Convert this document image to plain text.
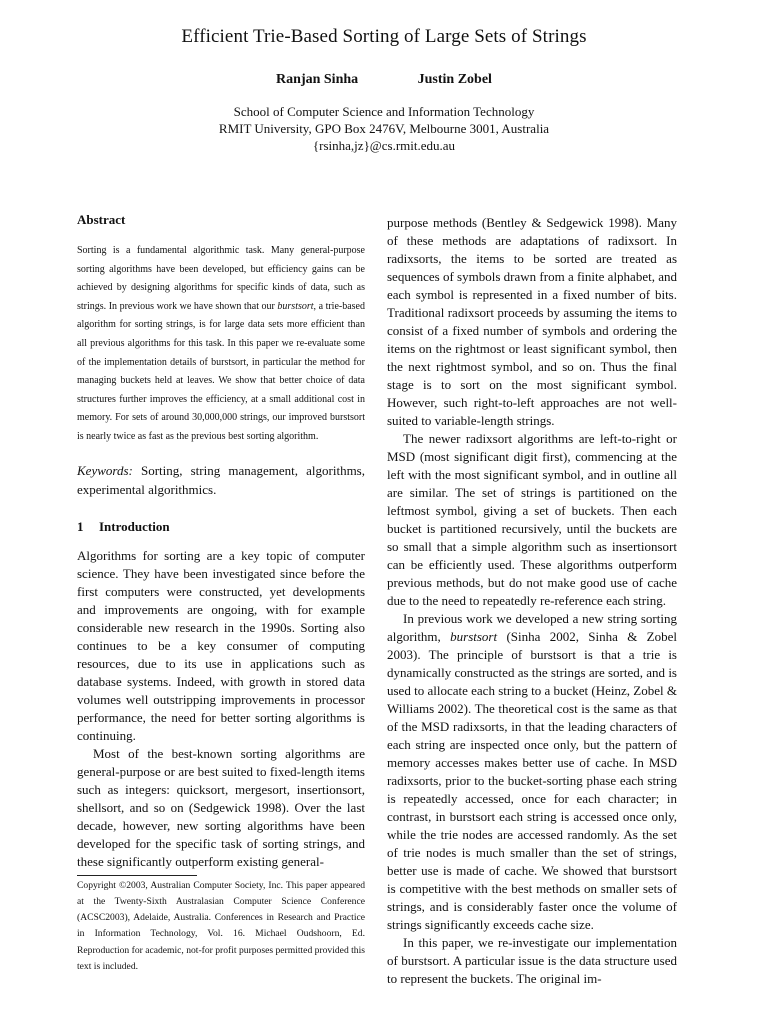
Efficient Trie-Based Sorting of Large Sets of Strings
Ranjan Sinha	Justin Zobel
School of Computer Science and Information Technology
RMIT University, GPO Box 2476V, Melbourne 3001, Australia
{rsinha,jz}@cs.rmit.edu.au
Abstract

Sorting is a fundamental algorithmic task. Many general-purpose sorting algorithms have been developed, but efficiency gains can be achieved by designing algorithms for specific kinds of data, such as strings. In previous work we have shown that our burstsort, a trie-based algorithm for sorting strings, is for large data sets more efficient than all previous algorithms for this task. In this paper we re-evaluate some of the implementation details of burstsort, in particular the method for managing buckets held at leaves. We show that better choice of data structures further improves the efficiency, at a small additional cost in memory. For sets of around 30,000,000 strings, our improved burstsort is nearly twice as fast as the previous best sorting algorithm.

Keywords: Sorting, string management, algorithms, experimental algorithmics.

1 Introduction

Algorithms for sorting are a key topic of computer science. They have been investigated since before the first computers were constructed, yet developments and improvements are ongoing, with for example considerable new research in the 1990s. Sorting also continues to be a key consumer of computing resources, due to its use in applications such as database systems. Indeed, with growth in stored data volumes well outstripping improvements in processor performance, the need for better sorting algorithms is continuing.

Most of the best-known sorting algorithms are general-purpose or are best suited to fixed-length items such as integers: quicksort, mergesort, insertionsort, shellsort, and so on (Sedgewick 1998). Over the last decade, however, new sorting algorithms have been developed for the specific task of sorting strings, and these significantly outperform existing general-

Copyright ©2003, Australian Computer Society, Inc. This paper appeared at the Twenty-Sixth Australasian Computer Science Conference (ACSC2003), Adelaide, Australia. Conferences in Research and Practice in Information Technology, Vol. 16. Michael Oudshoorn, Ed. Reproduction for academic, not-for profit purposes permitted provided this text is included.

purpose methods (Bentley & Sedgewick 1998). Many of these methods are adaptations of radixsort. In radixsorts, the items to be sorted are treated as sequences of symbols drawn from a finite alphabet, and each symbol is represented in a fixed number of bits. Traditional radixsort proceeds by assuming the items to consist of a fixed number of symbols and ordering the items on the rightmost or least significant symbol, then the next rightmost symbol, and so on. Thus the final stage is to sort on the most significant symbol. However, such right-to-left approaches are not well-suited to variable-length strings.

The newer radixsort algorithms are left-to-right or MSD (most significant digit first), commencing at the left with the most significant symbol, and in outline all are similar. The set of strings is partitioned on the leftmost symbol, giving a set of buckets. Then each bucket is partitioned recursively, until the buckets are so small that a simple algorithm such as insertionsort can be efficiently used. These algorithms outperform previous methods, but do not make good use of cache due to the need to repeatedly re-reference each string.

In previous work we developed a new string sorting algorithm, burstsort (Sinha 2002, Sinha & Zobel 2003). The principle of burstsort is that a trie is dynamically constructed as the strings are sorted, and is used to allocate each string to a bucket (Heinz, Zobel & Williams 2002). The theoretical cost is the same as that of the MSD radixsorts, in that the leading characters of each string are inspected once only, but the pattern of memory accesses makes better use of cache. In MSD radixsorts, prior to the bucket-sorting phase each string is repeatedly accessed, once for each character; in contrast, in burstsort each string is accessed once only, while the trie nodes are accessed randomly. As the set of trie nodes is much smaller than the set of strings, better use is made of cache. We showed that burstsort is competitive with the best methods on smaller sets of strings, and is considerably faster once the volume of strings significantly exceeds cache size.

In this paper, we re-investigate our implementation of burstsort. A particular issue is the data structure used to represent the buckets. The original im-
